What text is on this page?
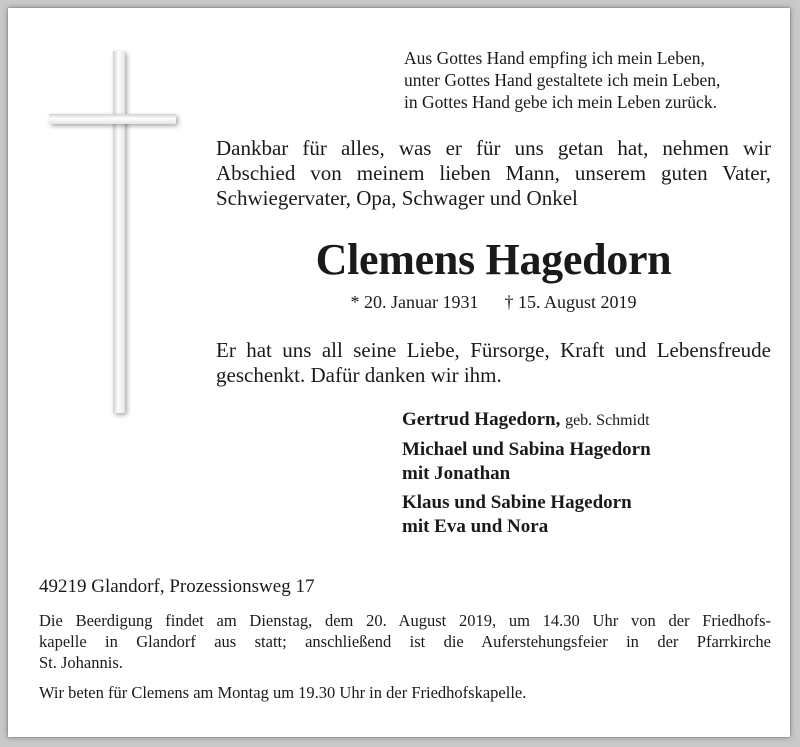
Aus Gottes Hand empfing ich mein Leben,
unter Gottes Hand gestaltete ich mein Leben,
in Gottes Hand gebe ich mein Leben zurück.
Dankbar für alles, was er für uns getan hat, nehmen wir
Abschied von meinem lieben Mann, unserem guten Vater,
Schwiegervater, Opa, Schwager und Onkel
Clemens Hagedorn
* 20. Januar 1931 † 15. August 2019
Er hat uns all seine Liebe, Fürsorge, Kraft und Lebensfreude
geschenkt. Dafür danken wir ihm.
Gertrud Hagedorn, geb. Schmidt
Michael und Sabina Hagedorn
mit Jonathan
Klaus und Sabine Hagedorn
mit Eva und Nora
49219 Glandorf, Prozessionsweg 17
Die Beerdigung findet am Dienstag, dem 20. August 2019, um 14.30 Uhr von der Friedhofs-
kapelle in Glandorf aus statt; anschließend ist die Auferstehungsfeier in der Pfarrkirche
St. Johannis.
Wir beten für Clemens am Montag um 19.30 Uhr in der Friedhofskapelle.
